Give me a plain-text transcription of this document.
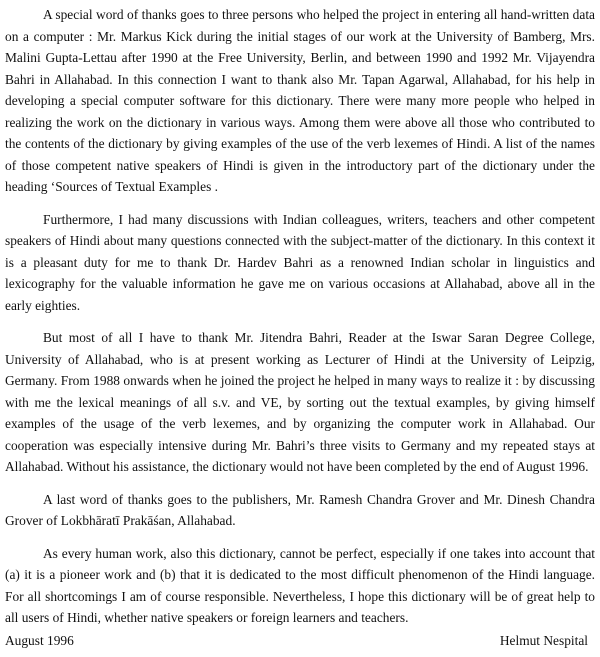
A special word of thanks goes to three persons who helped the project in entering all hand-written data on a computer : Mr. Markus Kick during the initial stages of our work at the University of Bamberg, Mrs. Malini Gupta-Lettau after 1990 at the Free University, Berlin, and between 1990 and 1992 Mr. Vijayendra Bahri in Allahabad. In this connection I want to thank also Mr. Tapan Agarwal, Allahabad, for his help in developing a special computer software for this dictionary. There were many more people who helped in realizing the work on the dictionary in various ways. Among them were above all those who contributed to the contents of the dictionary by giving examples of the use of the verb lexemes of Hindi. A list of the names of those competent native speakers of Hindi is given in the introductory part of the dictionary under the heading ‘Sources of Textual Examples .

Furthermore, I had many discussions with Indian colleagues, writers, teachers and other competent speakers of Hindi about many questions connected with the subject-matter of the dictionary. In this context it is a pleasant duty for me to thank Dr. Hardev Bahri as a renowned Indian scholar in linguistics and lexicography for the valuable information he gave me on various occasions at Allahabad, above all in the early eighties.

But most of all I have to thank Mr. Jitendra Bahri, Reader at the Iswar Saran Degree College, University of Allahabad, who is at present working as Lecturer of Hindi at the University of Leipzig, Germany. From 1988 onwards when he joined the project he helped in many ways to realize it : by discussing with me the lexical meanings of all s.v. and VE, by sorting out the textual examples, by giving himself examples of the usage of the verb lexemes, and by organizing the computer work in Allahabad. Our cooperation was especially intensive during Mr. Bahri’s three visits to Germany and my repeated stays at Allahabad. Without his assistance, the dictionary would not have been completed by the end of August 1996.

A last word of thanks goes to the publishers, Mr. Ramesh Chandra Grover and Mr. Dinesh Chandra Grover of Lokbhāratī Prakāśan, Allahabad.

As every human work, also this dictionary, cannot be perfect, especially if one takes into account that (a) it is a pioneer work and (b) that it is dedicated to the most difficult phenomenon of the Hindi language. For all shortcomings I am of course responsible. Nevertheless, I hope this dictionary will be of great help to all users of Hindi, whether native speakers or foreign learners and teachers.

August 1996	Helmut Nespital
